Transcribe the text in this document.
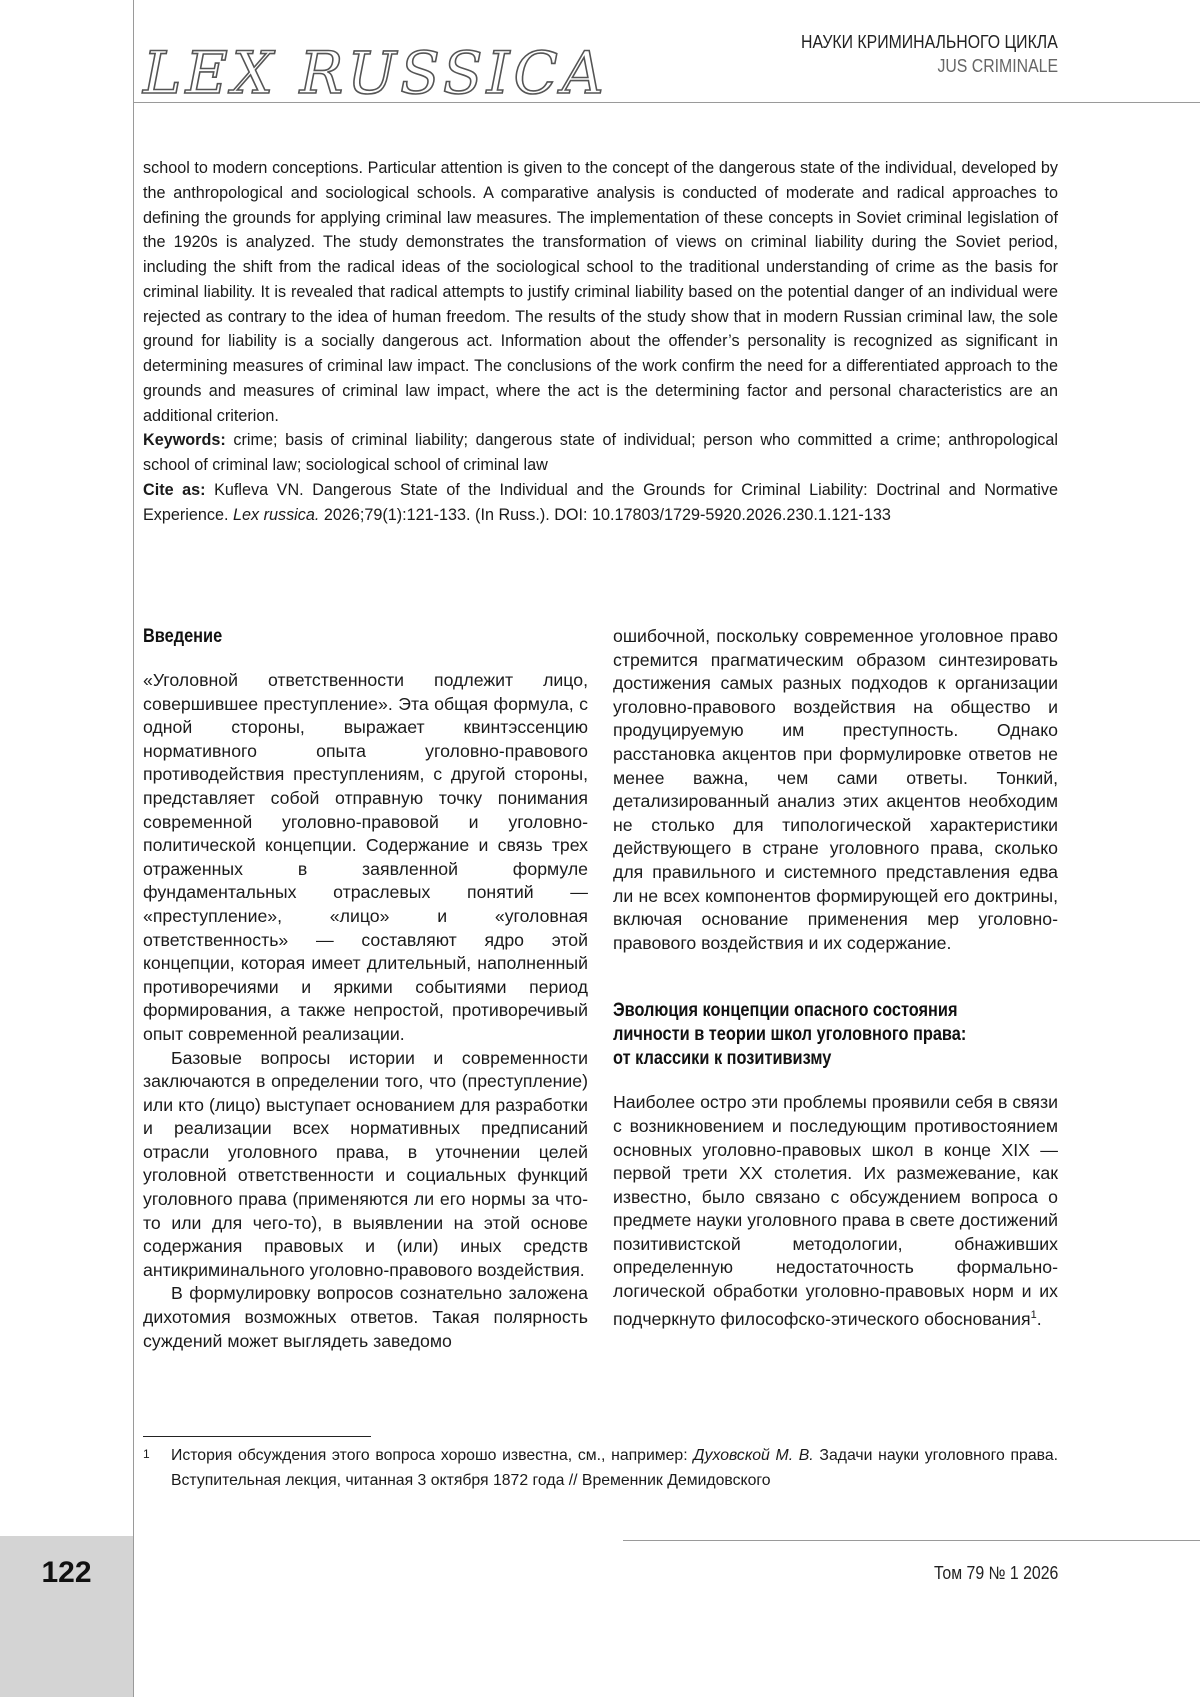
122
LEX RUSSICA	НАУКИ КРИМИНАЛЬНОГО ЦИКЛА
JUS CRIMINALE

school to modern conceptions. Particular attention is given to the concept of the dangerous state of the individual, developed by the anthropological and sociological schools. A comparative analysis is conducted of moderate and radical approaches to defining the grounds for applying criminal law measures. The implementation of these concepts in Soviet criminal legislation of the 1920s is analyzed. The study demonstrates the transformation of views on criminal liability during the Soviet period, including the shift from the radical ideas of the sociological school to the traditional understanding of crime as the basis for criminal liability. It is revealed that radical attempts to justify criminal liability based on the potential danger of an individual were rejected as contrary to the idea of human freedom. The results of the study show that in modern Russian criminal law, the sole ground for liability is a socially dangerous act. Information about the offender’s personality is recognized as significant in determining measures of criminal law impact. The conclusions of the work confirm the need for a differentiated approach to the grounds and measures of criminal law impact, where the act is the determining factor and personal characteristics are an additional criterion.

Keywords: crime; basis of criminal liability; dangerous state of individual; person who committed a crime; anthropological school of criminal law; sociological school of criminal law

Cite as: Kufleva VN. Dangerous State of the Individual and the Grounds for Criminal Liability: Doctrinal and Normative Experience. Lex russica. 2026;79(1):121-133. (In Russ.). DOI: 10.17803/1729-5920.2026.230.1.121-133

Введение

«Уголовной ответственности подлежит лицо, совершившее преступление». Эта общая формула, с одной стороны, выражает квинтэссенцию нормативного опыта уголовно-правового противодействия преступлениям, с другой стороны, представляет собой отправную точку понимания современной уголовно-правовой и уголовно-политической концепции. Содержание и связь трех отраженных в заявленной формуле фундаментальных отраслевых понятий — «преступление», «лицо» и «уголовная ответственность» — составляют ядро этой концепции, которая имеет длительный, наполненный противоречиями и яркими событиями период формирования, а также непростой, противоречивый опыт современной реализации.

Базовые вопросы истории и современности заключаются в определении того, что (преступление) или кто (лицо) выступает основанием для разработки и реализации всех нормативных предписаний отрасли уголовного права, в уточнении целей уголовной ответственности и социальных функций уголовного права (применяются ли его нормы за что-то или для чего-то), в выявлении на этой основе содержания правовых и (или) иных средств антикриминального уголовно-правового воздействия.

В формулировку вопросов сознательно заложена дихотомия возможных ответов. Такая полярность суждений может выглядеть заведомо

ошибочной, поскольку современное уголовное право стремится прагматическим образом синтезировать достижения самых разных подходов к организации уголовно-правового воздействия на общество и продуцируемую им преступность. Однако расстановка акцентов при формулировке ответов не менее важна, чем сами ответы. Тонкий, детализированный анализ этих акцентов необходим не столько для типологической характеристики действующего в стране уголовного права, сколько для правильного и системного представления едва ли не всех компонентов формирующей его доктрины, включая основание применения мер уголовно-правового воздействия и их содержание.

Эволюция концепции опасного состояния
личности в теории школ уголовного права:
от классики к позитивизму

Наиболее остро эти проблемы проявили себя в связи с возникновением и последующим противостоянием основных уголовно-правовых школ в конце XIX — первой трети XX столетия. Их размежевание, как известно, было связано с обсуждением вопроса о предмете науки уголовного права в свете достижений позитивистской методологии, обнаживших определенную недостаточность формально-логической обработки уголовно-правовых норм и их подчеркнуто философско-этического обоснования$^1$.

1	История обсуждения этого вопроса хорошо известна, см., например: Духовской М. В. Задачи науки уголовного права. Вступительная лекция, читанная 3 октября 1872 года // Временник Демидовского
Том 79 № 1 2026
